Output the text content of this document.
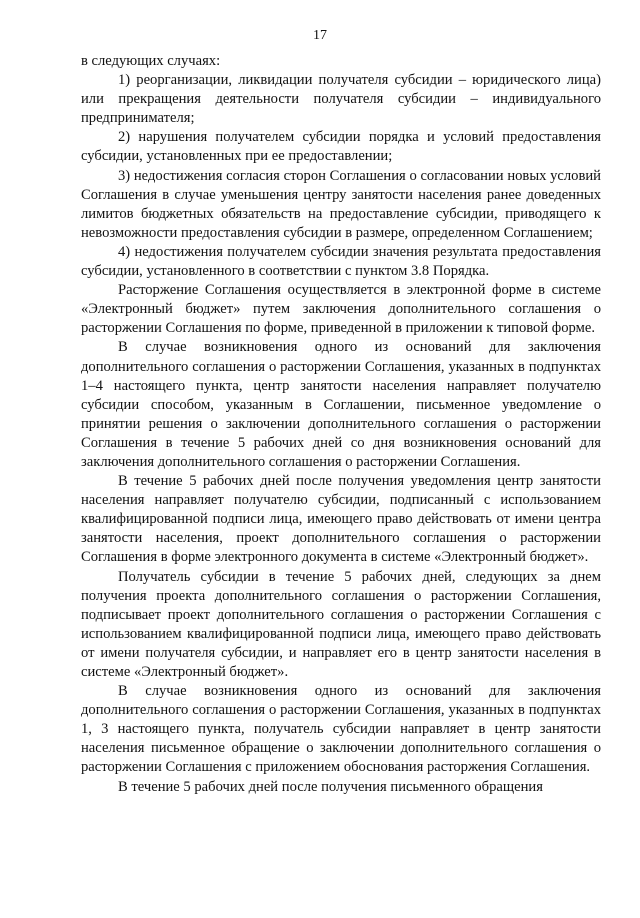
17

в следующих случаях:

1) реорганизации, ликвидации получателя субсидии – юридического лица) или прекращения деятельности получателя субсидии – индивидуального предпринимателя;

2) нарушения получателем субсидии порядка и условий предоставления субсидии, установленных при ее предоставлении;

3) недостижения согласия сторон Соглашения о согласовании новых условий Соглашения в случае уменьшения центру занятости населения ранее доведенных лимитов бюджетных обязательств на предоставление субсидии, приводящего к невозможности предоставления субсидии в размере, определенном Соглашением;

4) недостижения получателем субсидии значения результата предоставления субсидии, установленного в соответствии с пунктом 3.8 Порядка.

Расторжение Соглашения осуществляется в электронной форме в системе «Электронный бюджет» путем заключения дополнительного соглашения о расторжении Соглашения по форме, приведенной в приложении к типовой форме.

В случае возникновения одного из оснований для заключения дополнительного соглашения о расторжении Соглашения, указанных в подпунктах 1–4 настоящего пункта, центр занятости населения направляет получателю субсидии способом, указанным в Соглашении, письменное уведомление о принятии решения о заключении дополнительного соглашения о расторжении Соглашения в течение 5 рабочих дней со дня возникновения оснований для заключения дополнительного соглашения о расторжении Соглашения.

В течение 5 рабочих дней после получения уведомления центр занятости населения направляет получателю субсидии, подписанный с использованием квалифицированной подписи лица, имеющего право действовать от имени центра занятости населения, проект дополнительного соглашения о расторжении Соглашения в форме электронного документа в системе «Электронный бюджет».

Получатель субсидии в течение 5 рабочих дней, следующих за днем получения проекта дополнительного соглашения о расторжении Соглашения, подписывает проект дополнительного соглашения о расторжении Соглашения с использованием квалифицированной подписи лица, имеющего право действовать от имени получателя субсидии, и направляет его в центр занятости населения в системе «Электронный бюджет».

В случае возникновения одного из оснований для заключения дополнительного соглашения о расторжении Соглашения, указанных в подпунктах 1, 3 настоящего пункта, получатель субсидии направляет в центр занятости населения письменное обращение о заключении дополнительного соглашения о расторжении Соглашения с приложением обоснования расторжения Соглашения.

В течение 5 рабочих дней после получения письменного обращения
